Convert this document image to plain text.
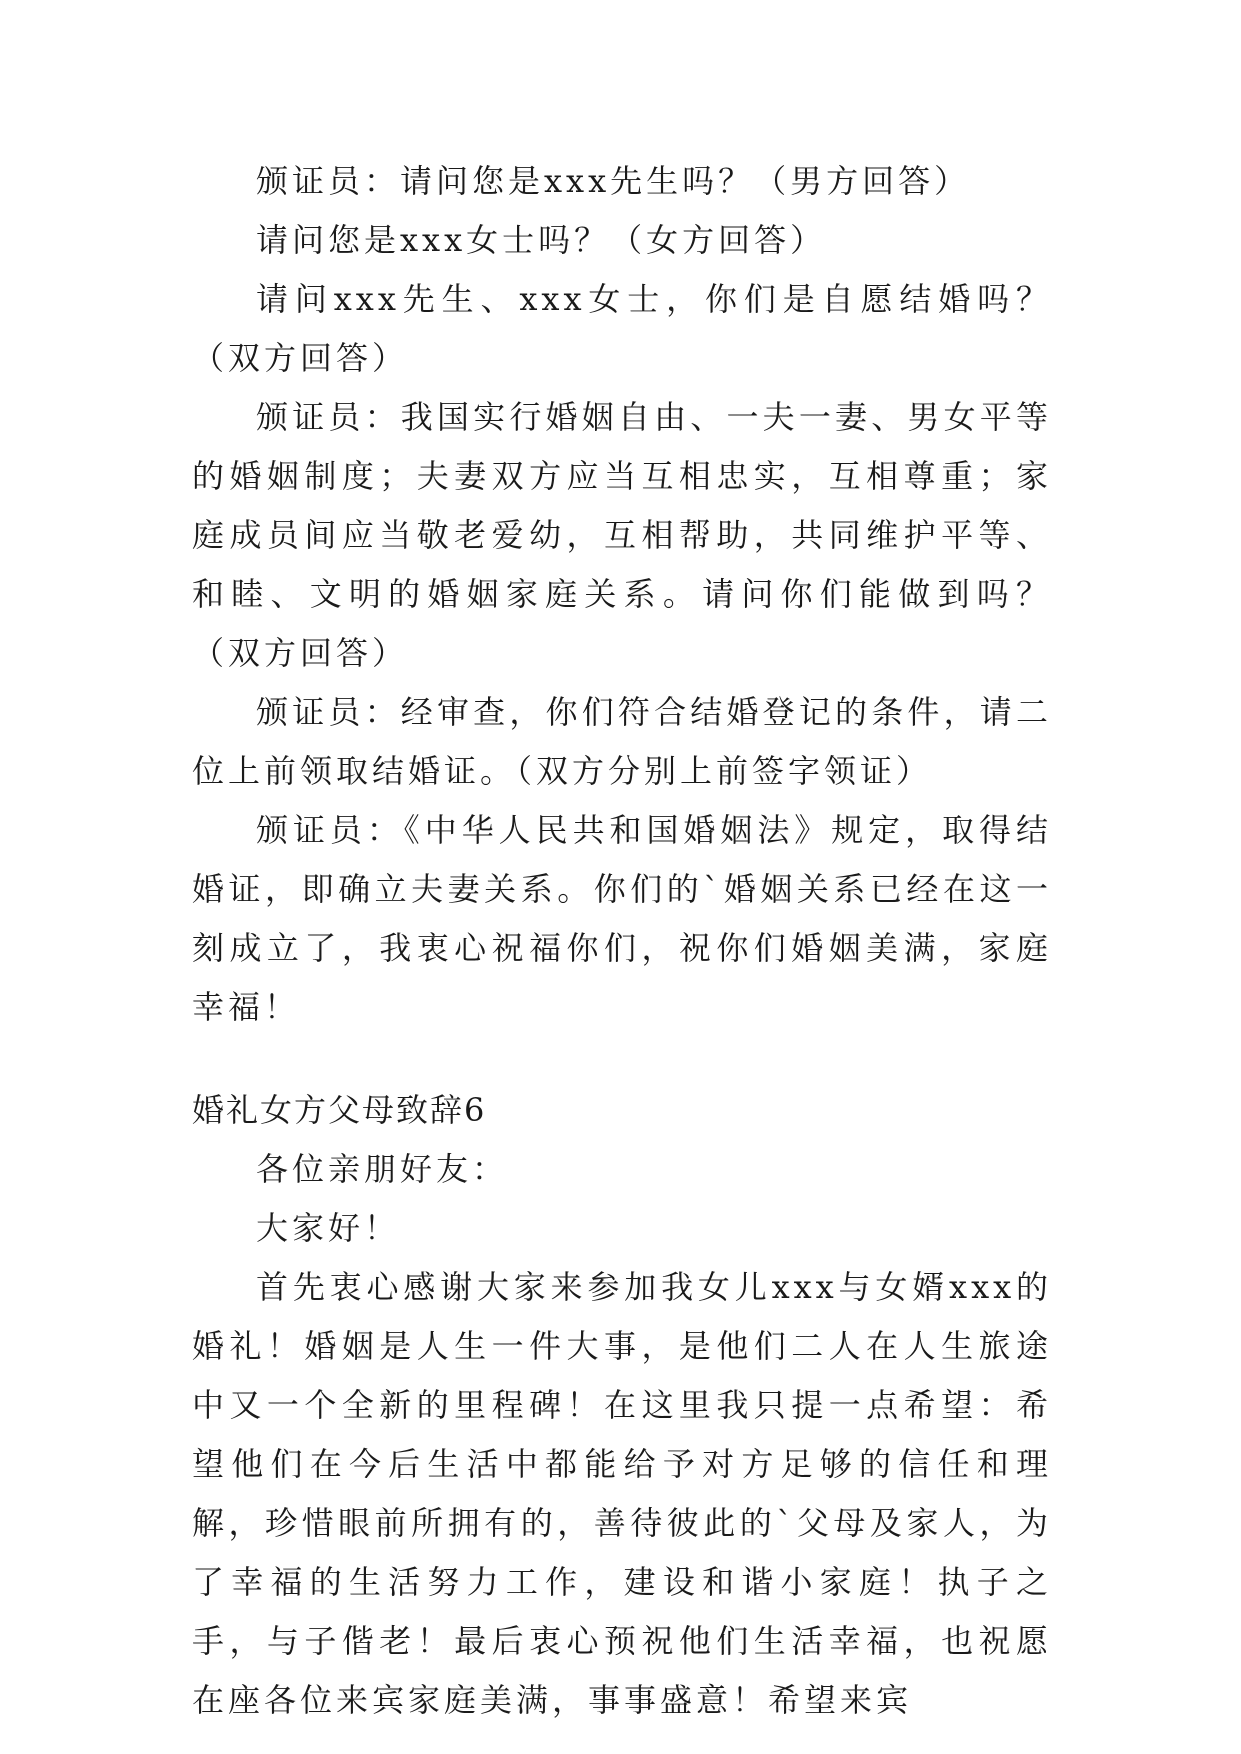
颁证员：请问您是xxx先生吗？（男方回答）

请问您是xxx女士吗？（女方回答）

请问xxx先生、xxx女士，你们是自愿结婚吗？（双方回答）

颁证员：我国实行婚姻自由、一夫一妻、男女平等的婚姻制度；夫妻双方应当互相忠实，互相尊重；家庭成员间应当敬老爱幼，互相帮助，共同维护平等、和睦、文明的婚姻家庭关系。请问你们能做到吗？（双方回答）

颁证员：经审查，你们符合结婚登记的条件，请二位上前领取结婚证。（双方分别上前签字领证）

颁证员：《中华人民共和国婚姻法》规定，取得结婚证，即确立夫妻关系。你们的`婚姻关系已经在这一刻成立了，我衷心祝福你们，祝你们婚姻美满，家庭幸福！

婚礼女方父母致辞6

各位亲朋好友：

大家好！

首先衷心感谢大家来参加我女儿xxx与女婿xxx的婚礼！婚姻是人生一件大事，是他们二人在人生旅途中又一个全新的里程碑！在这里我只提一点希望：希望他们在今后生活中都能给予对方足够的信任和理解，珍惜眼前所拥有的，善待彼此的`父母及家人，为了幸福的生活努力工作，建设和谐小家庭！执子之手，与子偕老！最后衷心预祝他们生活幸福，也祝愿在座各位来宾家庭美满，事事盛意！希望来宾
